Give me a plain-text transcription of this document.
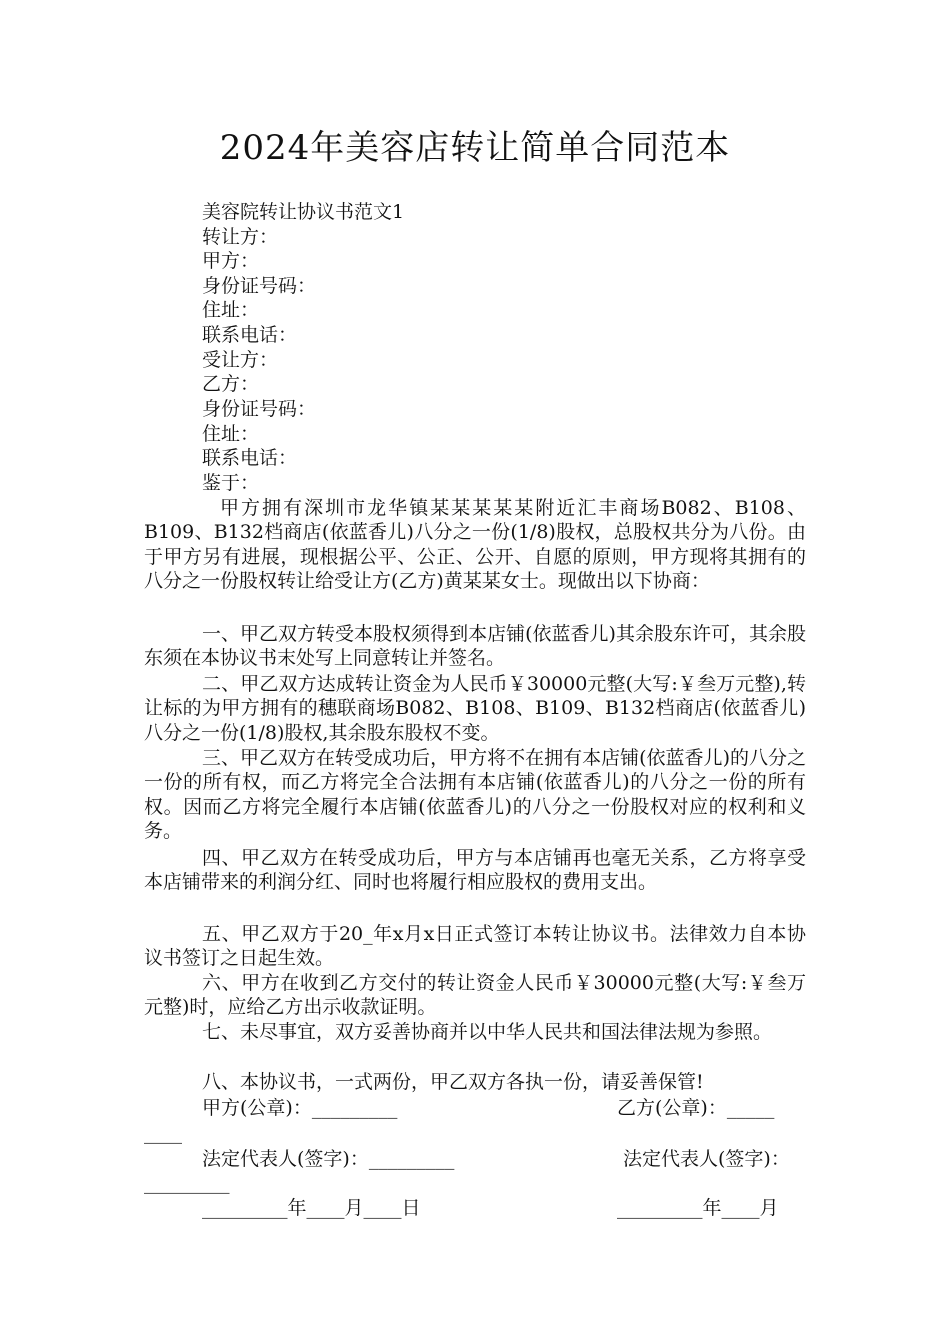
2024年美容店转让简单合同范本
美容院转让协议书范文1
转让方：
甲方：
身份证号码：
住址：
联系电话：
受让方：
乙方：
身份证号码：
住址：
联系电话：
鉴于：
甲方拥有深圳市龙华镇某某某某某附近汇丰商场B082、B108、B109、B132档商店(依蓝香儿)八分之一份(1/8)股权，总股权共分为八份。由于甲方另有进展，现根据公平、公正、公开、自愿的原则，甲方现将其拥有的八分之一份股权转让给受让方(乙方)黄某某女士。现做出以下协商：
一、甲乙双方转受本股权须得到本店铺(依蓝香儿)其余股东许可，其余股东须在本协议书末处写上同意转让并签名。
二、甲乙双方达成转让资金为人民币￥30000元整(大写:￥叁万元整),转让标的为甲方拥有的穗联商场B082、B108、B109、B132档商店(依蓝香儿)八分之一份(1/8)股权,其余股东股权不变。
三、甲乙双方在转受成功后，甲方将不在拥有本店铺(依蓝香儿)的八分之一份的所有权，而乙方将完全合法拥有本店铺(依蓝香儿)的八分之一份的所有权。因而乙方将完全履行本店铺(依蓝香儿)的八分之一份股权对应的权利和义务。
四、甲乙双方在转受成功后，甲方与本店铺再也毫无关系，乙方将享受本店铺带来的利润分红、同时也将履行相应股权的费用支出。
五、甲乙双方于20_年x月x日正式签订本转让协议书。法律效力自本协议书签订之日起生效。
六、甲方在收到乙方交付的转让资金人民币￥30000元整(大写:￥叁万元整)时，应给乙方出示收款证明。
七、未尽事宜，双方妥善协商并以中华人民共和国法律法规为参照。
八、本协议书，一式两份，甲乙双方各执一份，请妥善保管!
甲方(公章)：_________	乙方(公章)：_____
____
法定代表人(签字)：_________	法定代表人(签字)：
_________
_________年____月____日	_________年____月
